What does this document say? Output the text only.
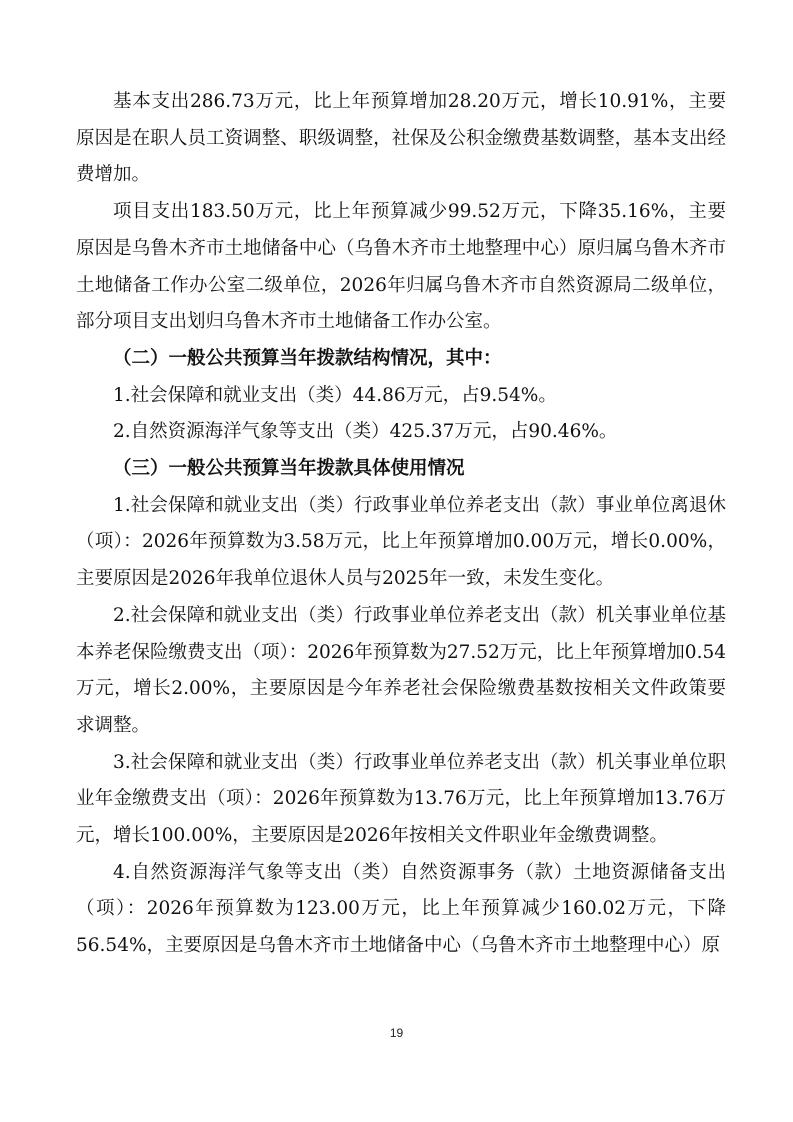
基本支出286.73万元，比上年预算增加28.20万元，增长10.91%，主要原因是在职人员工资调整、职级调整，社保及公积金缴费基数调整，基本支出经费增加。

项目支出183.50万元，比上年预算减少99.52万元，下降35.16%，主要原因是乌鲁木齐市土地储备中心（乌鲁木齐市土地整理中心）原归属乌鲁木齐市土地储备工作办公室二级单位，2026年归属乌鲁木齐市自然资源局二级单位，部分项目支出划归乌鲁木齐市土地储备工作办公室。

（二）一般公共预算当年拨款结构情况，其中：

1.社会保障和就业支出（类）44.86万元，占9.54%。

2.自然资源海洋气象等支出（类）425.37万元，占90.46%。

（三）一般公共预算当年拨款具体使用情况

1.社会保障和就业支出（类）行政事业单位养老支出（款）事业单位离退休（项）：2026年预算数为3.58万元，比上年预算增加0.00万元，增长0.00%，主要原因是2026年我单位退休人员与2025年一致，未发生变化。

2.社会保障和就业支出（类）行政事业单位养老支出（款）机关事业单位基本养老保险缴费支出（项）：2026年预算数为27.52万元，比上年预算增加0.54万元，增长2.00%，主要原因是今年养老社会保险缴费基数按相关文件政策要求调整。

3.社会保障和就业支出（类）行政事业单位养老支出（款）机关事业单位职业年金缴费支出（项）：2026年预算数为13.76万元，比上年预算增加13.76万元，增长100.00%，主要原因是2026年按相关文件职业年金缴费调整。

4.自然资源海洋气象等支出（类）自然资源事务（款）土地资源储备支出（项）：2026年预算数为123.00万元，比上年预算减少160.02万元，下降56.54%，主要原因是乌鲁木齐市土地储备中心（乌鲁木齐市土地整理中心）原

19
